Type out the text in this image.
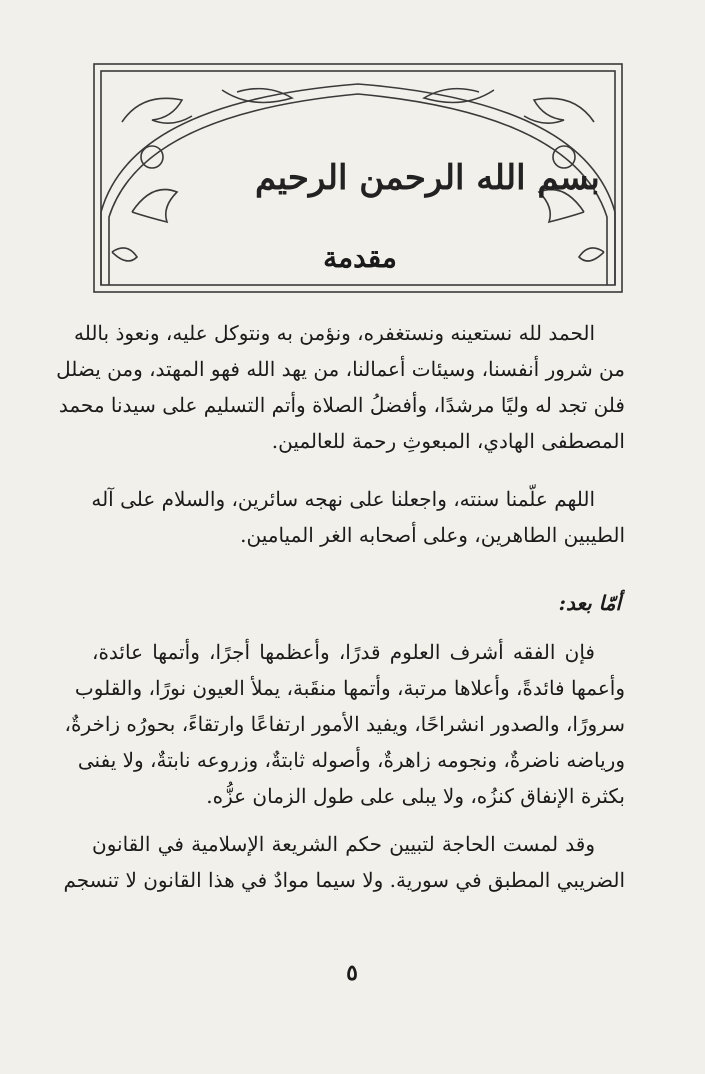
بسم الله الرحمن الرحيم
مقدمة

الحمد لله نستعينه ونستغفره، ونؤمن به ونتوكل عليه، ونعوذ بالله
من شرور أنفسنا، وسيئات أعمالنا، من يهد الله فهو المهتد، ومن يضلل
فلن تجد له وليًا مرشدًا، وأفضلُ الصلاة وأتم التسليم على سيدنا محمد
المصطفى الهادي، المبعوثِ رحمة للعالمين.

اللهم علّمنا سنته، واجعلنا على نهجه سائرين، والسلام على آله
الطيبين الطاهرين، وعلى أصحابه الغر الميامين.

أمّا بعد:

فإن الفقه أشرف العلوم قدرًا، وأعظمها أجرًا، وأتمها عائدة،
وأعمها فائدةً، وأعلاها مرتبة، وأتمها منقَبة، يملأ العيون نورًا، والقلوب
سرورًا، والصدور انشراحًا، ويفيد الأمور ارتفاعًا وارتقاءً، بحورُه زاخرةٌ،
ورياضه ناضرةٌ، ونجومه زاهرةٌ، وأصوله ثابتةٌ، وزروعه نابتةٌ، ولا يفنى
بكثرة الإنفاق كنزُه، ولا يبلى على طول الزمان عزُّه.

وقد لمست الحاجة لتبيين حكم الشريعة الإسلامية في القانون
الضريبي المطبق في سورية. ولا سيما موادٌ في هذا القانون لا تنسجم

٥
